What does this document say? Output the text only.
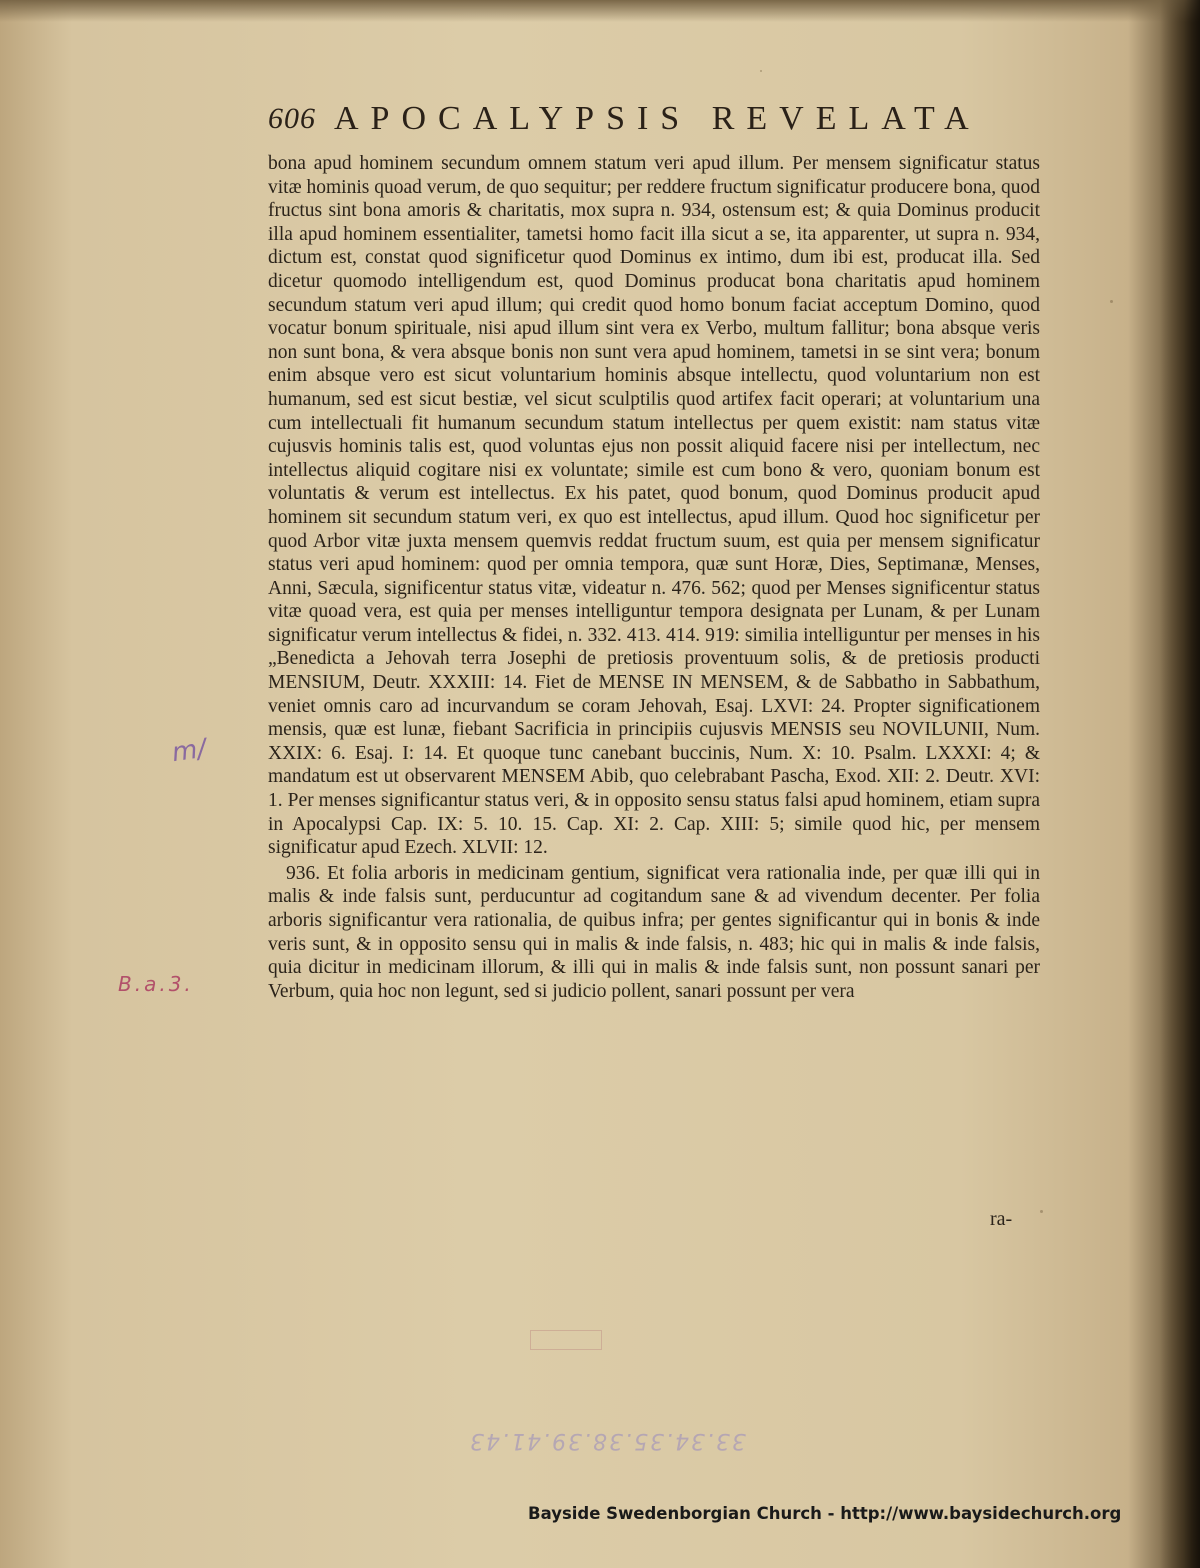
606 APOCALYPSIS REVELATA

bona apud hominem secundum omnem statum veri apud illum. Per mensem significatur status vitæ hominis quoad verum, de quo sequitur; per reddere fructum significatur producere bona, quod fructus sint bona amoris & charitatis, mox supra n. 934, ostensum est; & quia Dominus producit illa apud hominem essentialiter, tametsi homo facit illa sicut a se, ita apparenter, ut supra n. 934, dictum est, constat quod significetur quod Dominus ex intimo, dum ibi est, producat illa. Sed dicetur quomodo intelligendum est, quod Dominus producat bona charitatis apud hominem secundum statum veri apud illum; qui credit quod homo bonum faciat acceptum Domino, quod vocatur bonum spirituale, nisi apud illum sint vera ex Verbo, multum fallitur; bona absque veris non sunt bona, & vera absque bonis non sunt vera apud hominem, tametsi in se sint vera; bonum enim absque vero est sicut voluntarium hominis absque intellectu, quod voluntarium non est humanum, sed est sicut bestiæ, vel sicut sculptilis quod artifex facit operari; at voluntarium una cum intellectuali fit humanum secundum statum intellectus per quem existit: nam status vitæ cujusvis hominis talis est, quod voluntas ejus non possit aliquid facere nisi per intellectum, nec intellectus aliquid cogitare nisi ex voluntate; simile est cum bono & vero, quoniam bonum est voluntatis & verum est intellectus. Ex his patet, quod bonum, quod Dominus producit apud hominem sit secundum statum veri, ex quo est intellectus, apud illum. Quod hoc significetur per quod Arbor vitæ juxta mensem quemvis reddat fructum suum, est quia per mensem significatur status veri apud hominem: quod per omnia tempora, quæ sunt Horæ, Dies, Septimanæ, Menses, Anni, Sæcula, significentur status vitæ, videatur n. 476. 562; quod per Menses significentur status vitæ quoad vera, est quia per menses intelliguntur tempora designata per Lunam, & per Lunam significatur verum intellectus & fidei, n. 332. 413. 414. 919: similia intelliguntur per menses in his „Benedicta a Jehovah terra Josephi de pretiosis proventuum solis, & de pretiosis producti MENSIUM, Deutr. XXXIII: 14. Fiet de MENSE IN MENSEM, & de Sabbatho in Sabbathum, veniet omnis caro ad incurvandum se coram Jehovah, Esaj. LXVI: 24. Propter significationem mensis, quæ est lunæ, fiebant Sacrificia in principiis cujusvis MENSIS seu NOVILUNII, Num. XXIX: 6. Esaj. I: 14. Et quoque tunc canebant buccinis, Num. X: 10. Psalm. LXXXI: 4; & mandatum est ut observarent MENSEM Abib, quo celebrabant Pascha, Exod. XII: 2. Deutr. XVI: 1. Per menses significantur status veri, & in opposito sensu status falsi apud hominem, etiam supra in Apocalypsi Cap. IX: 5. 10. 15. Cap. XI: 2. Cap. XIII: 5; simile quod hic, per mensem significatur apud Ezech. XLVII: 12.

936. Et folia arboris in medicinam gentium, significat vera rationalia inde, per quæ illi qui in malis & inde falsis sunt, perducuntur ad cogitandum sane & ad vivendum decenter. Per folia arboris significantur vera rationalia, de quibus infra; per gentes significantur qui in bonis & inde veris sunt, & in opposito sensu qui in malis & inde falsis, n. 483; hic qui in malis & inde falsis, quia dicitur in medicinam illorum, & illi qui in malis & inde falsis sunt, non possunt sanari per Verbum, quia hoc non legunt, sed si judicio pollent, sanari possunt per vera

ra-
m/
B.a.3.
33.34.35.38.39.41.43
Bayside Swedenborgian Church - http://www.baysidechurch.org
